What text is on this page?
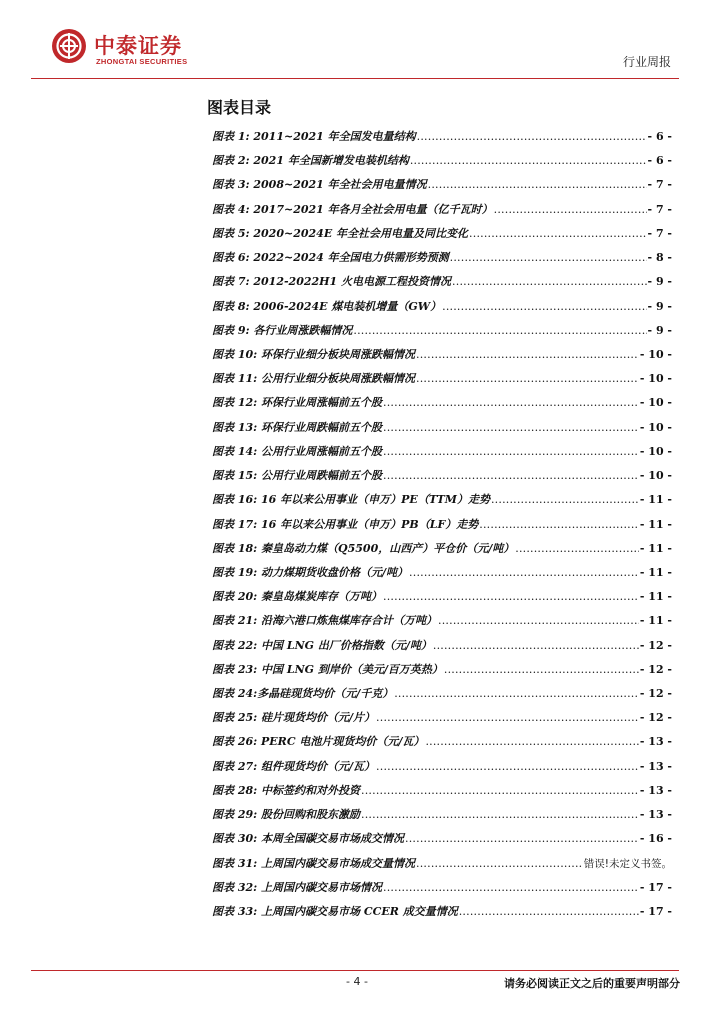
中泰证券
ZHONGTAI SECURITIES	行业周报
图表目录
图表 1: 2011~2021 年全国发电量结构 .....	- 6 -
图表 2: 2021 年全国新增发电装机结构 .....	- 6 -
图表 3: 2008~2021 年全社会用电量情况 .....	- 7 -
图表 4: 2017~2021 年各月全社会用电量（亿千瓦时） .....	- 7 -
图表 5: 2020~2024E 年全社会用电量及同比变化 .....	- 7 -
图表 6: 2022~2024 年全国电力供需形势预测 .....	- 8 -
图表 7: 2012-2022H1 火电电源工程投资情况 .....	- 9 -
图表 8: 2006-2024E 煤电装机增量（GW） .....	- 9 -
图表 9: 各行业周涨跌幅情况 .....	- 9 -
图表 10: 环保行业细分板块周涨跌幅情况 .....	- 10 -
图表 11: 公用行业细分板块周涨跌幅情况 .....	- 10 -
图表 12: 环保行业周涨幅前五个股 .....	- 10 -
图表 13: 环保行业周跌幅前五个股 .....	- 10 -
图表 14: 公用行业周涨幅前五个股 .....	- 10 -
图表 15: 公用行业周跌幅前五个股 .....	- 10 -
图表 16: 16 年以来公用事业（申万）PE（TTM）走势 .....	- 11 -
图表 17: 16 年以来公用事业（申万）PB（LF）走势 .....	- 11 -
图表 18: 秦皇岛动力煤（Q5500，山西产）平仓价（元/吨） .....	- 11 -
图表 19: 动力煤期货收盘价格（元/吨） .....	- 11 -
图表 20: 秦皇岛煤炭库存（万吨） .....	- 11 -
图表 21: 沿海六港口炼焦煤库存合计（万吨） .....	- 11 -
图表 22: 中国 LNG 出厂价格指数（元/吨） .....	- 12 -
图表 23: 中国 LNG 到岸价（美元/百万英热） .....	- 12 -
图表 24:多晶硅现货均价（元/千克） .....	- 12 -
图表 25: 硅片现货均价（元/片） .....	- 12 -
图表 26: PERC 电池片现货均价（元/瓦） .....	- 13 -
图表 27: 组件现货均价（元/瓦） .....	- 13 -
图表 28: 中标签约和对外投资 .....	- 13 -
图表 29: 股份回购和股东激励 .....	- 13 -
图表 30: 本周全国碳交易市场成交情况 .....	- 16 -
图表 31: 上周国内碳交易市场成交量情况 .....	错误!未定义书签。
图表 32: 上周国内碳交易市场情况 .....	- 17 -
图表 33: 上周国内碳交易市场 CCER 成交量情况 .....	- 17 -
- 4 -	请务必阅读正文之后的重要声明部分
